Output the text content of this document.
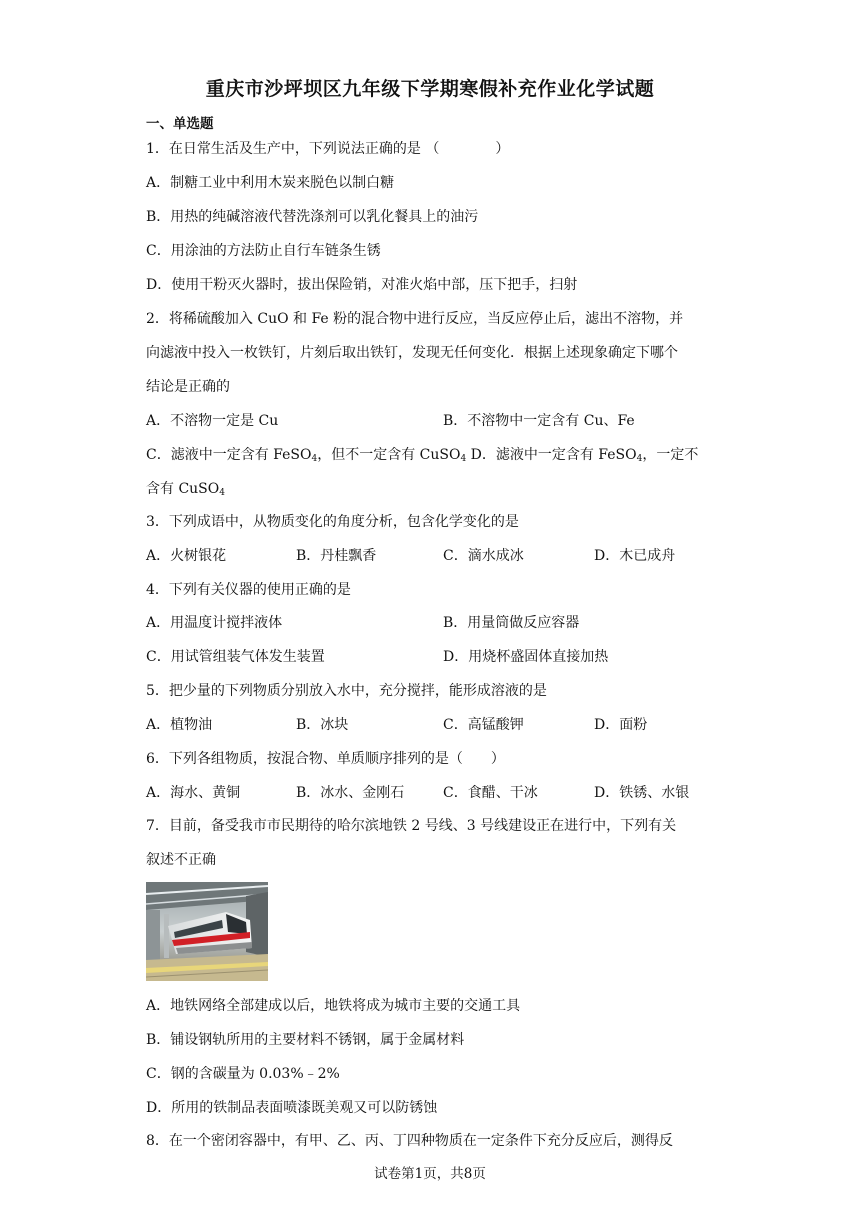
重庆市沙坪坝区九年级下学期寒假补充作业化学试题
一、单选题
1．在日常生活及生产中，下列说法正确的是 （　　　　）
A．制糖工业中利用木炭来脱色以制白糖
B．用热的纯碱溶液代替洗涤剂可以乳化餐具上的油污
C．用涂油的方法防止自行车链条生锈
D．使用干粉灭火器时，拔出保险销，对准火焰中部，压下把手，扫射
2．将稀硫酸加入 CuO 和 Fe 粉的混合物中进行反应，当反应停止后，滤出不溶物，并
向滤液中投入一枚铁钉，片刻后取出铁钉，发现无任何变化．根据上述现象确定下哪个
结论是正确的
A．不溶物一定是 Cu	B．不溶物中一定含有 Cu、Fe
C．滤液中一定含有 FeSO$_4$，但不一定含有 CuSO$_4$ D．滤液中一定含有 FeSO$_4$，一定不
含有 CuSO$_4$
3．下列成语中，从物质变化的角度分析，包含化学变化的是
A．火树银花	B．丹桂飘香	C．滴水成冰	D．木已成舟
4．下列有关仪器的使用正确的是
A．用温度计搅拌液体	B．用量筒做反应容器
C．用试管组装气体发生装置	D．用烧杯盛固体直接加热
5．把少量的下列物质分别放入水中，充分搅拌，能形成溶液的是
A．植物油	B．冰块	C．高锰酸钾	D．面粉
6．下列各组物质，按混合物、单质顺序排列的是（　　）
A．海水、黄铜	B．冰水、金刚石	C．食醋、干冰	D．铁锈、水银
7．目前，备受我市市民期待的哈尔滨地铁 2 号线、3 号线建设正在进行中，下列有关
叙述不正确
A．地铁网络全部建成以后，地铁将成为城市主要的交通工具
B．铺设钢轨所用的主要材料不锈钢，属于金属材料
C．钢的含碳量为 0.03%﹣2%
D．所用的铁制品表面喷漆既美观又可以防锈蚀
8．在一个密闭容器中，有甲、乙、丙、丁四种物质在一定条件下充分反应后，测得反
试卷第1页，共8页
